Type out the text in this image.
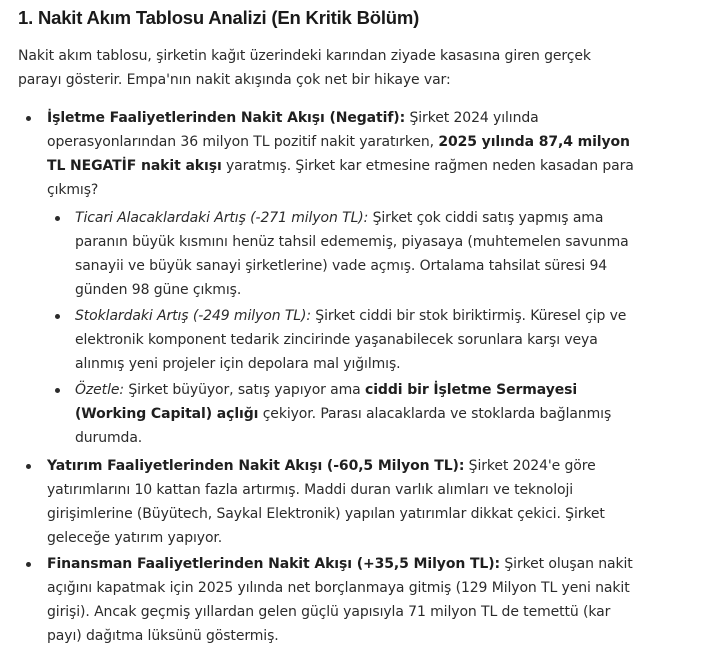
1. Nakit Akım Tablosu Analizi (En Kritik Bölüm)

Nakit akım tablosu, şirketin kağıt üzerindeki karından ziyade kasasına giren gerçek parayı gösterir. Empa'nın nakit akışında çok net bir hikaye var:

İşletme Faaliyetlerinden Nakit Akışı (Negatif): Şirket 2024 yılında operasyonlarından 36 milyon TL pozitif nakit yaratırken, 2025 yılında 87,4 milyon TL NEGATİF nakit akışı yaratmış. Şirket kar etmesine rağmen neden kasadan para çıkmış?
Ticari Alacaklardaki Artış (-271 milyon TL): Şirket çok ciddi satış yapmış ama paranın büyük kısmını henüz tahsil edememiş, piyasaya (muhtemelen savunma sanayii ve büyük sanayi şirketlerine) vade açmış. Ortalama tahsilat süresi 94 günden 98 güne çıkmış.
Stoklardaki Artış (-249 milyon TL): Şirket ciddi bir stok biriktirmiş. Küresel çip ve elektronik komponent tedarik zincirinde yaşanabilecek sorunlara karşı veya alınmış yeni projeler için depolara mal yığılmış.
Özetle: Şirket büyüyor, satış yapıyor ama ciddi bir İşletme Sermayesi (Working Capital) açlığı çekiyor. Parası alacaklarda ve stoklarda bağlanmış durumda.
Yatırım Faaliyetlerinden Nakit Akışı (-60,5 Milyon TL): Şirket 2024'e göre yatırımlarını 10 kattan fazla artırmış. Maddi duran varlık alımları ve teknoloji girişimlerine (Büyütech, Saykal Elektronik) yapılan yatırımlar dikkat çekici. Şirket geleceğe yatırım yapıyor.
Finansman Faaliyetlerinden Nakit Akışı (+35,5 Milyon TL): Şirket oluşan nakit açığını kapatmak için 2025 yılında net borçlanmaya gitmiş (129 Milyon TL yeni nakit girişi). Ancak geçmiş yıllardan gelen güçlü yapısıyla 71 milyon TL de temettü (kar payı) dağıtma lüksünü göstermiş.
